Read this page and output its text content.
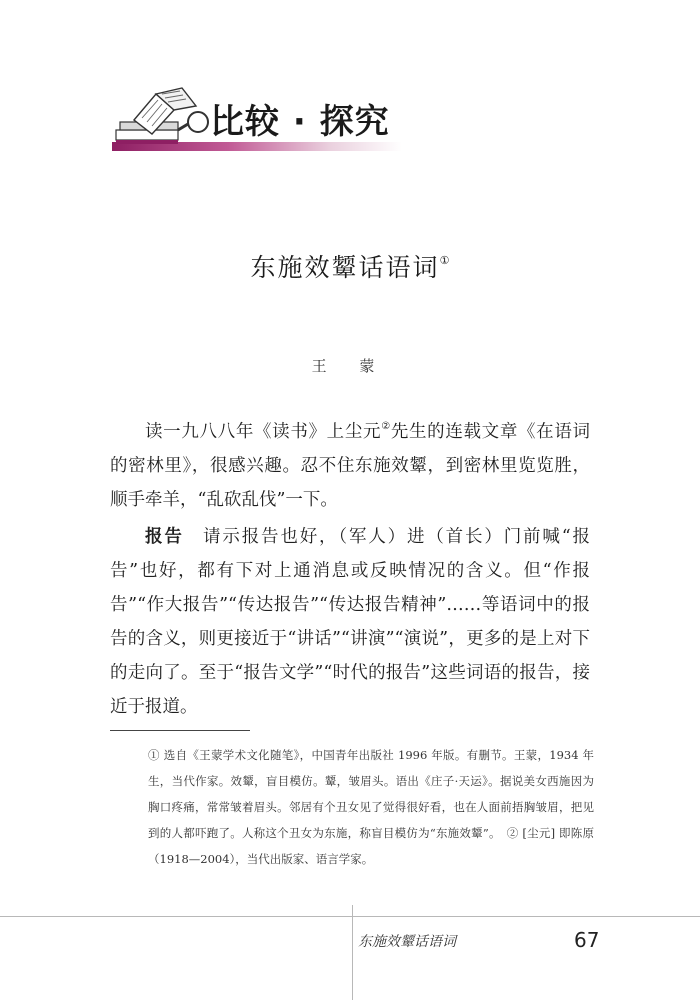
比较 · 探究
东施效颦话语词①
王 蒙

读一九八八年《读书》上尘元②先生的连载文章《在语词的密林里》，很感兴趣。忍不住东施效颦，到密林里览览胜，顺手牵羊，“乱砍乱伐”一下。

报告　请示报告也好，（军人）进（首长）门前喊“报告”也好，都有下对上通消息或反映情况的含义。但“作报告”“作大报告”“传达报告”“传达报告精神”……等语词中的报告的含义，则更接近于“讲话”“讲演”“演说”，更多的是上对下的走向了。至于“报告文学”“时代的报告”这些词语的报告，接近于报道。

① 选自《王蒙学术文化随笔》，中国青年出版社 1996 年版。有删节。王蒙，1934 年生，当代作家。效颦，盲目模仿。颦，皱眉头。语出《庄子·天运》。据说美女西施因为胸口疼痛，常常皱着眉头。邻居有个丑女见了觉得很好看，也在人面前捂胸皱眉，把见到的人都吓跑了。人称这个丑女为东施，称盲目模仿为“东施效颦”。　② [尘元] 即陈原（1918—2004），当代出版家、语言学家。
东施效颦话语词	67
